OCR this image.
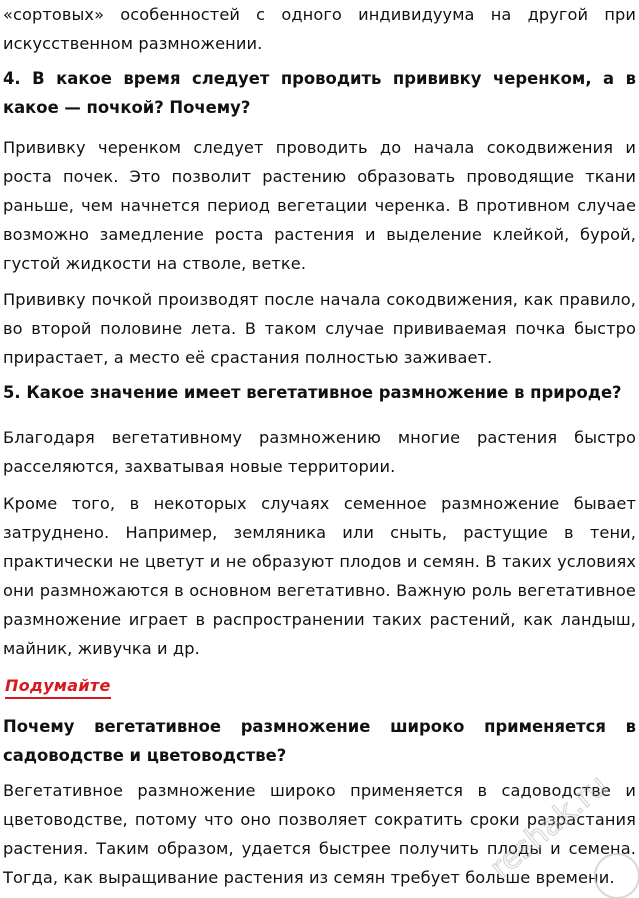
«сортовых» особенностей с одного индивидуума на другой при искусственном размножении.

4. В какое время следует проводить прививку черенком, а в какое — почкой? Почему?

Прививку черенком следует проводить до начала сокодвижения и роста почек. Это позволит растению образовать проводящие ткани раньше, чем начнется период вегетации черенка. В противном случае возможно замедление роста растения и выделение клейкой, бурой, густой жидкости на стволе, ветке.

Прививку почкой производят после начала сокодвижения, как правило, во второй половине лета. В таком случае прививаемая почка быстро прирастает, а место её срастания полностью заживает.

5. Какое значение имеет вегетативное размножение в природе?

Благодаря вегетативному размножению многие растения быстро расселяются, захватывая новые территории.

Кроме того, в некоторых случаях семенное размножение бывает затруднено. Например, земляника или сныть, растущие в тени, практически не цветут и не образуют плодов и семян. В таких условиях они размножаются в основном вегетативно. Важную роль вегетативное размножение играет в распространении таких растений, как ландыш, майник, живучка и др.

Подумайте
Почему вегетативное размножение широко применяется в садоводстве и цветоводстве?

Вегетативное размножение широко применяется в садоводстве и цветоводстве, потому что оно позволяет сократить сроки разрастания растения. Таким образом, удается быстрее получить плоды и семена. Тогда, как выращивание растения из семян требует больше времени.

reshak.ru
